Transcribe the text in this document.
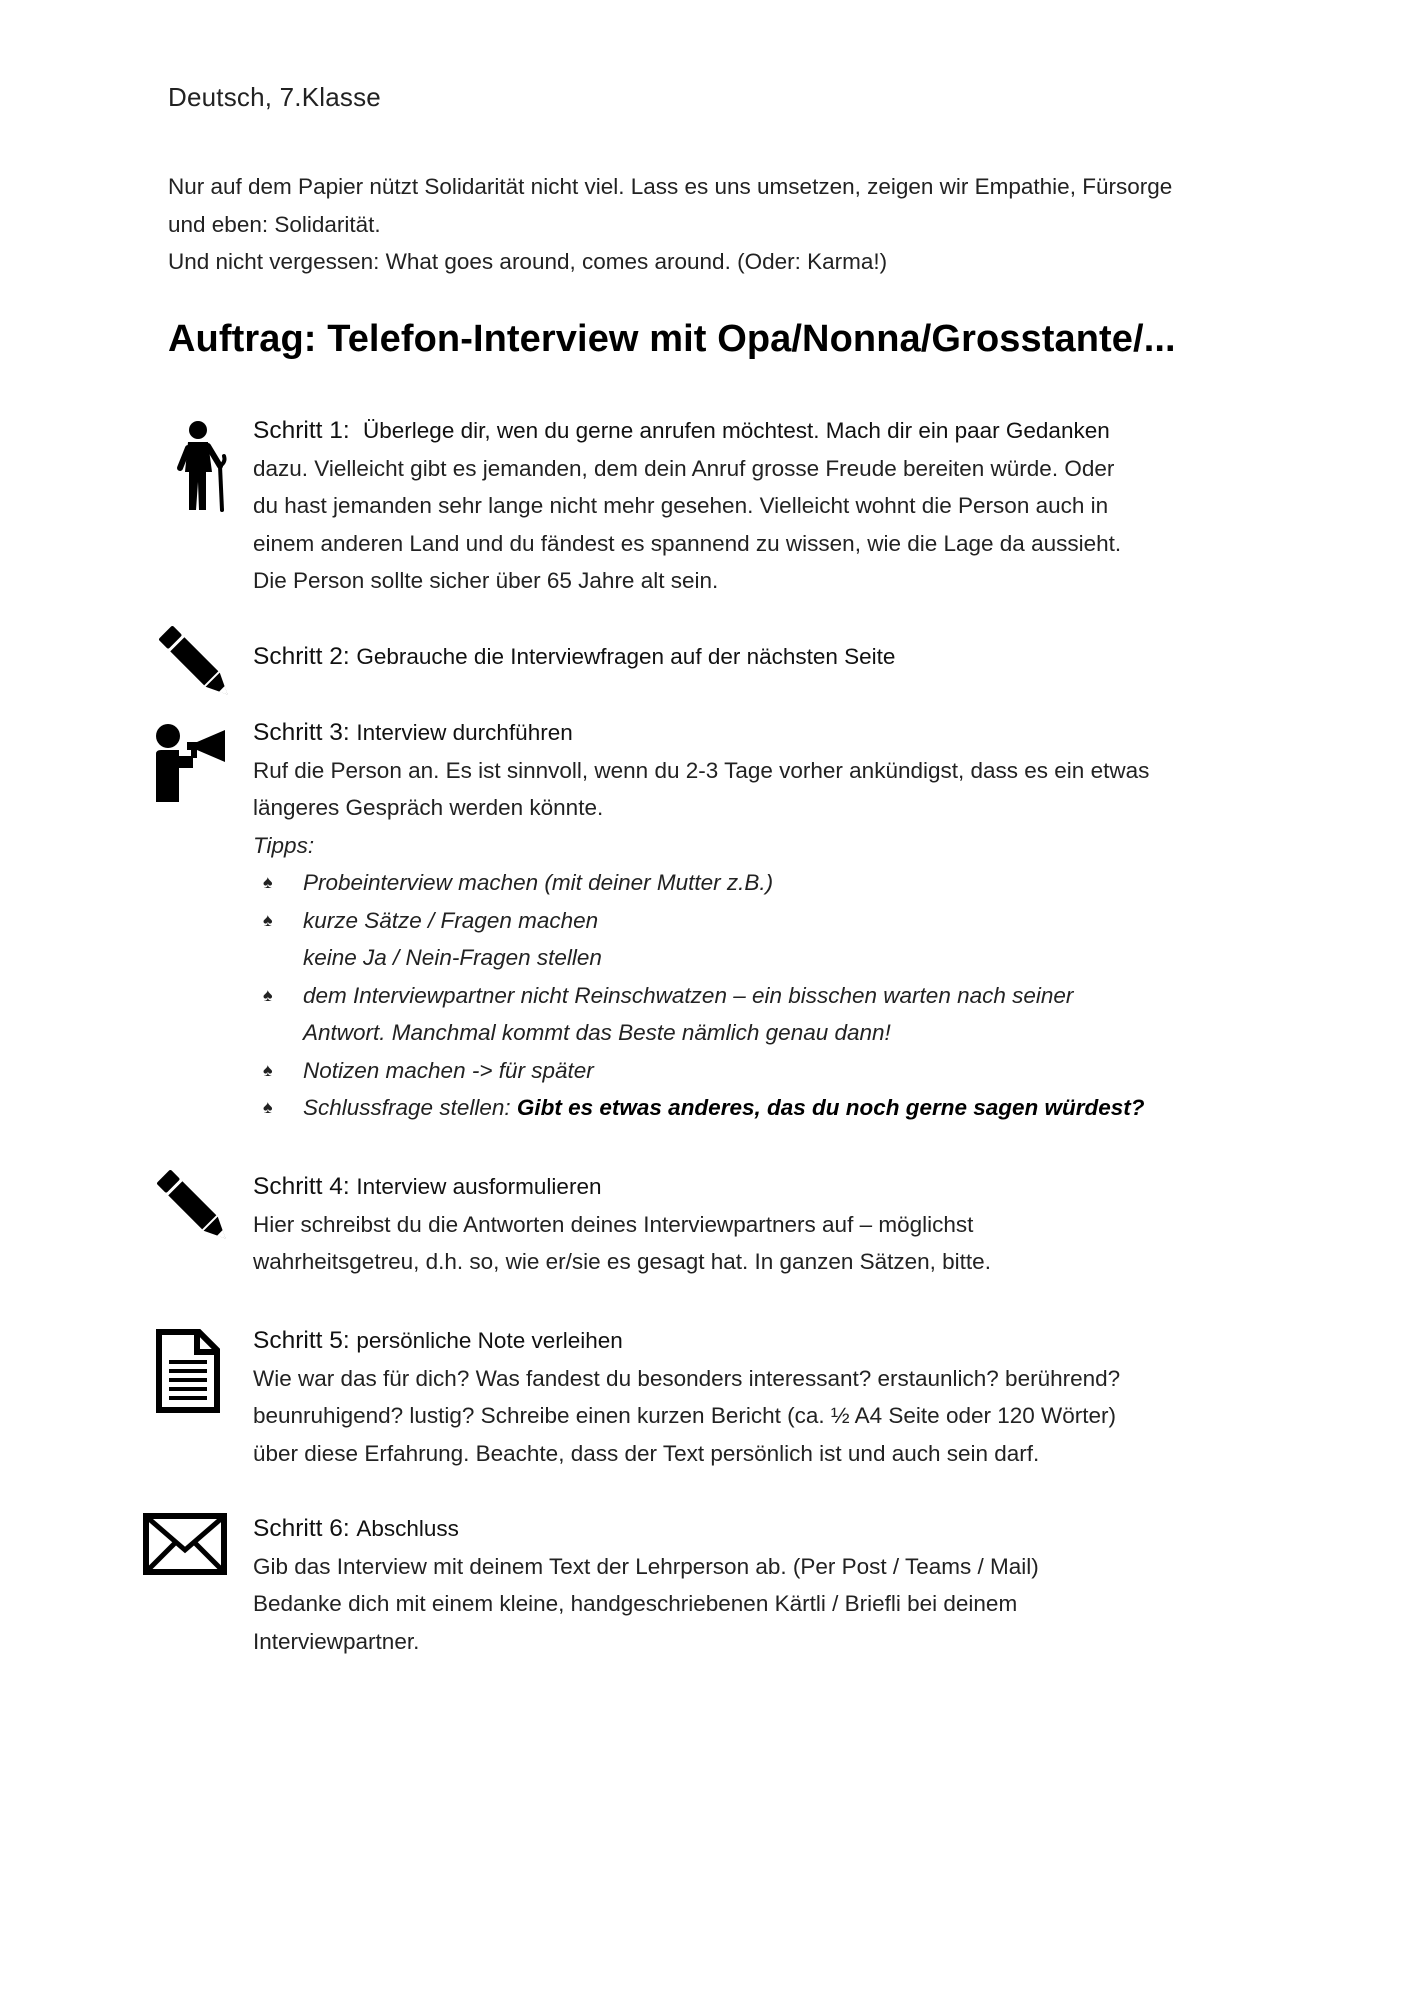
Deutsch, 7.Klasse

Nur auf dem Papier nützt Solidarität nicht viel. Lass es uns umsetzen, zeigen wir Empathie, Fürsorge

und eben: Solidarität.

Und nicht vergessen: What goes around, comes around. (Oder: Karma!)

Auftrag: Telefon-Interview mit Opa/Nonna/Grosstante/...

Schritt 1: Überlege dir, wen du gerne anrufen möchtest. Mach dir ein paar Gedanken

dazu. Vielleicht gibt es jemanden, dem dein Anruf grosse Freude bereiten würde. Oder

du hast jemanden sehr lange nicht mehr gesehen. Vielleicht wohnt die Person auch in

einem anderen Land und du fändest es spannend zu wissen, wie die Lage da aussieht.

Die Person sollte sicher über 65 Jahre alt sein.

Schritt 2: Gebrauche die Interviewfragen auf der nächsten Seite

Schritt 3: Interview durchführen

Ruf die Person an. Es ist sinnvoll, wenn du 2-3 Tage vorher ankündigst, dass es ein etwas

längeres Gespräch werden könnte.

Tipps:

♠ Probeinterview machen (mit deiner Mutter z.B.)
♠ kurze Sätze / Fragen machen
keine Ja / Nein-Fragen stellen
♠ dem Interviewpartner nicht Reinschwatzen – ein bisschen warten nach seiner
Antwort. Manchmal kommt das Beste nämlich genau dann!
♠ Notizen machen -> für später
♠ Schlussfrage stellen: Gibt es etwas anderes, das du noch gerne sagen würdest?

Schritt 4: Interview ausformulieren

Hier schreibst du die Antworten deines Interviewpartners auf – möglichst

wahrheitsgetreu, d.h. so, wie er/sie es gesagt hat. In ganzen Sätzen, bitte.

Schritt 5: persönliche Note verleihen

Wie war das für dich? Was fandest du besonders interessant? erstaunlich? berührend?

beunruhigend? lustig? Schreibe einen kurzen Bericht (ca. ½ A4 Seite oder 120 Wörter)

über diese Erfahrung. Beachte, dass der Text persönlich ist und auch sein darf.

Schritt 6: Abschluss

Gib das Interview mit deinem Text der Lehrperson ab. (Per Post / Teams / Mail)

Bedanke dich mit einem kleine, handgeschriebenen Kärtli / Briefli bei deinem

Interviewpartner.
